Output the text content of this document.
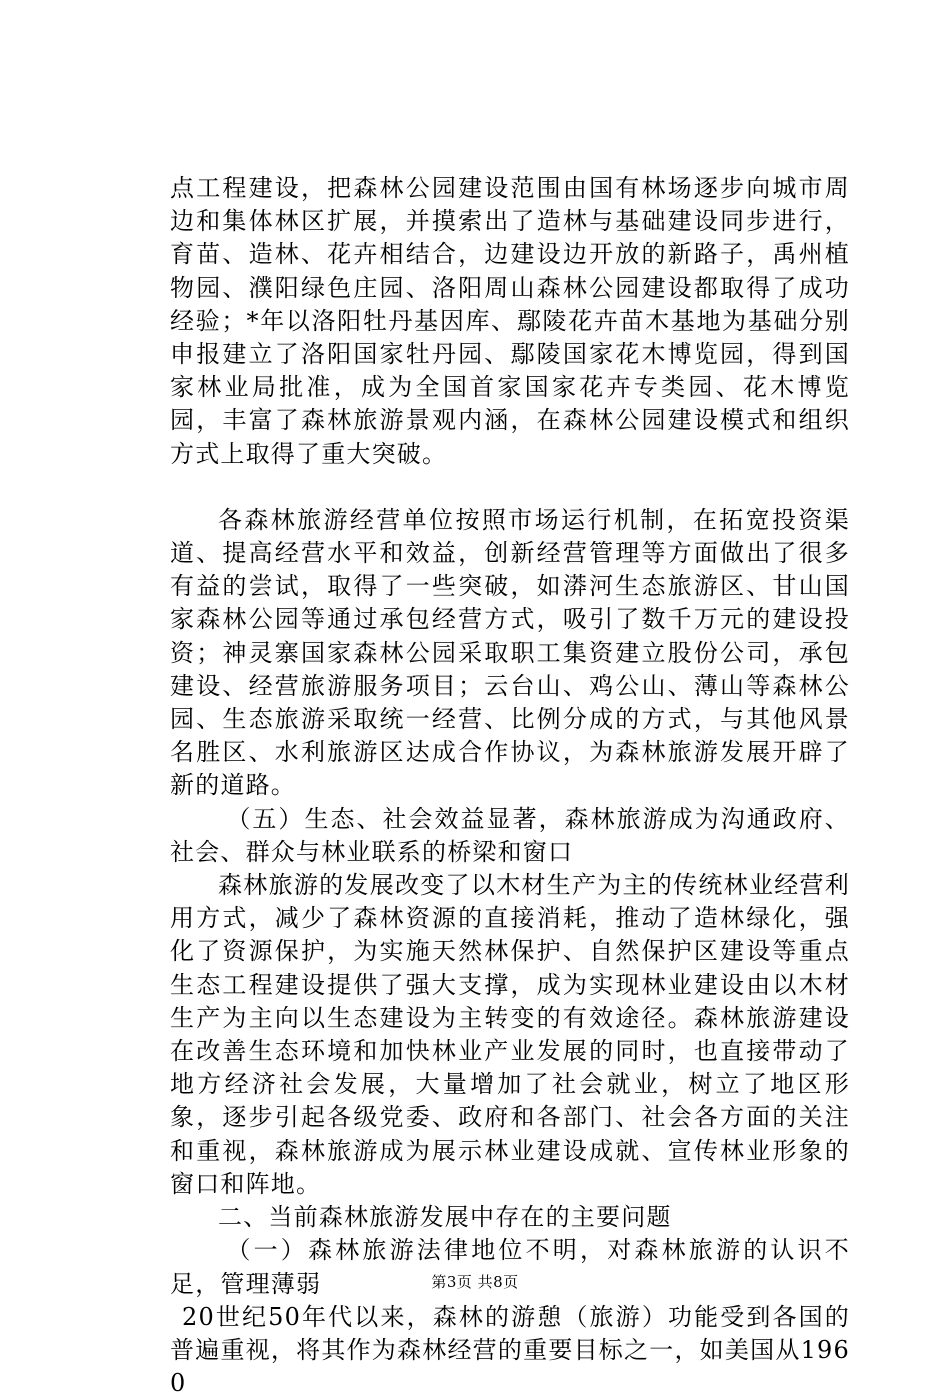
点工程建设，把森林公园建设范围由国有林场逐步向城市周边和集体林区扩展，并摸索出了造林与基础建设同步进行，育苗、造林、花卉相结合，边建设边开放的新路子，禹州植物园、濮阳绿色庄园、洛阳周山森林公园建设都取得了成功经验；*年以洛阳牡丹基因库、鄢陵花卉苗木基地为基础分别申报建立了洛阳国家牡丹园、鄢陵国家花木博览园，得到国家林业局批准，成为全国首家国家花卉专类园、花木博览园，丰富了森林旅游景观内涵，在森林公园建设模式和组织方式上取得了重大突破。

各森林旅游经营单位按照市场运行机制，在拓宽投资渠道、提高经营水平和效益，创新经营管理等方面做出了很多有益的尝试，取得了一些突破，如漭河生态旅游区、甘山国家森林公园等通过承包经营方式，吸引了数千万元的建设投资；神灵寨国家森林公园采取职工集资建立股份公司，承包建设、经营旅游服务项目；云台山、鸡公山、薄山等森林公园、生态旅游采取统一经营、比例分成的方式，与其他风景名胜区、水利旅游区达成合作协议，为森林旅游发展开辟了新的道路。

（五）生态、社会效益显著，森林旅游成为沟通政府、社会、群众与林业联系的桥梁和窗口

森林旅游的发展改变了以木材生产为主的传统林业经营利用方式，减少了森林资源的直接消耗，推动了造林绿化，强化了资源保护，为实施天然林保护、自然保护区建设等重点生态工程建设提供了强大支撑，成为实现林业建设由以木材生产为主向以生态建设为主转变的有效途径。森林旅游建设在改善生态环境和加快林业产业发展的同时，也直接带动了地方经济社会发展，大量增加了社会就业，树立了地区形象，逐步引起各级党委、政府和各部门、社会各方面的关注和重视，森林旅游成为展示林业建设成就、宣传林业形象的窗口和阵地。

二、当前森林旅游发展中存在的主要问题

（一）森林旅游法律地位不明，对森林旅游的认识不足，管理薄弱

20世纪50年代以来，森林的游憩（旅游）功能受到各国的普遍重视，将其作为森林经营的重要目标之一，如美国从1960

第3页 共8页
